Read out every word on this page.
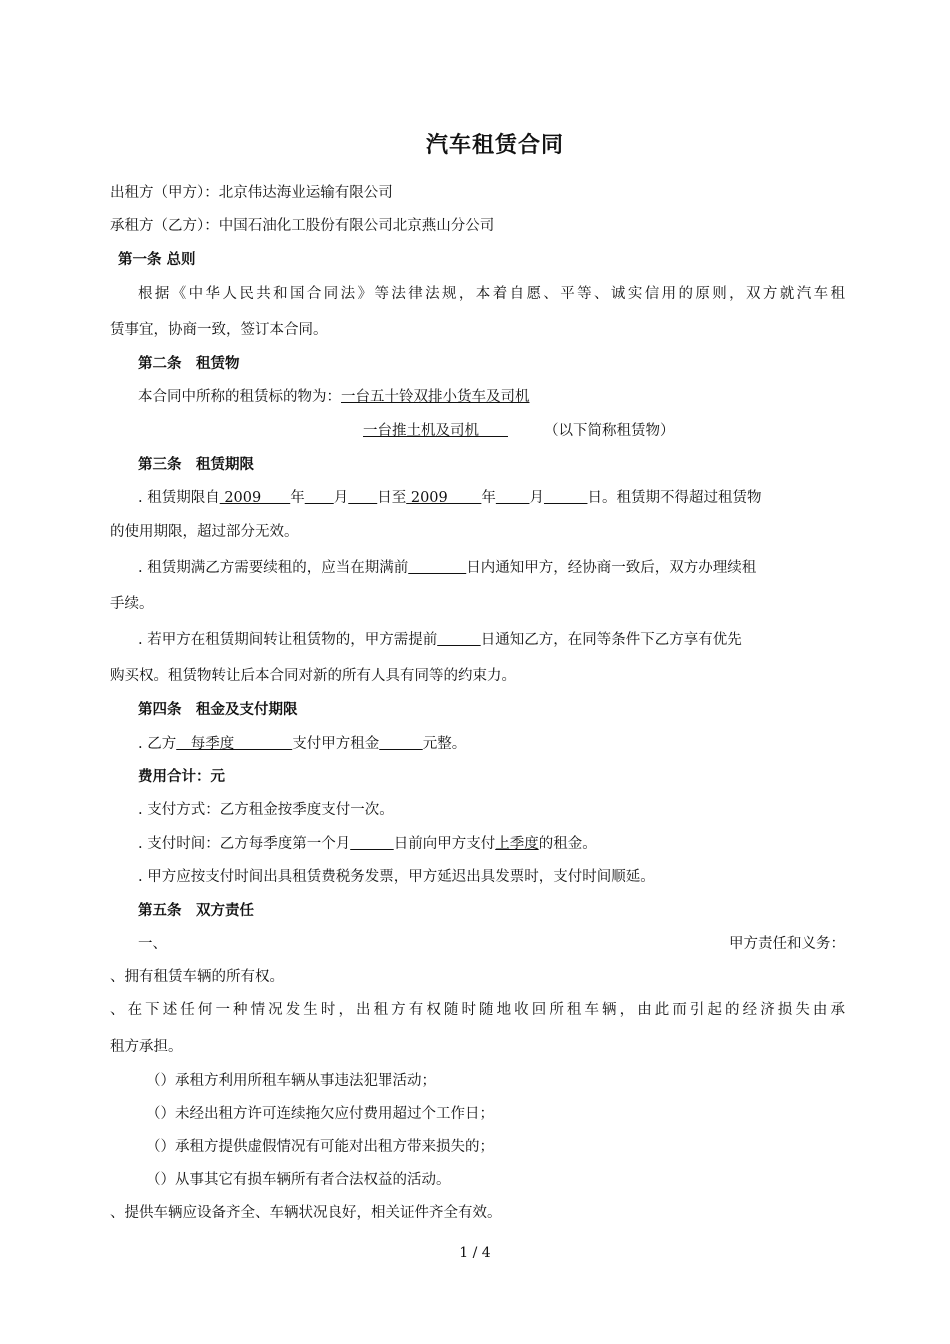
汽车租赁合同
出租方（甲方）：北京伟达海业运输有限公司
承租方（乙方）：中国石油化工股份有限公司北京燕山分公司
第一条 总则
根据《中华人民共和国合同法》等法律法规，本着自愿、平等、诚实信用的原则，双方就汽车租
赁事宜，协商一致，签订本合同。
第二条　租赁物
本合同中所称的租赁标的物为：一台五十铃双排小货车及司机
一台推土机及司机　　	（以下简称租赁物）
第三条　租赁期限
. 租赁期限自 2009　　年　　 月　　 日至 2009　　 年　　 月　　　	日。租赁期不得超过租赁物
的使用期限，超过部分无效。
. 租赁期满乙方需要续租的，应当在期满前　　　　	日内通知甲方，经协商一致后，双方办理续租
手续。
. 若甲方在租赁期间转让租赁物的，甲方需提前　　　	日通知乙方，在同等条件下乙方享有优先
购买权。租赁物转让后本合同对新的所有人具有同等的约束力。
第四条　租金及支付期限
. 乙方　每季度　　　　支付甲方租金　　　	元整。
费用合计：元
. 支付方式：乙方租金按季度支付一次。
. 支付时间：乙方每季度第一个月　　　	日前向甲方支付上季度的租金。
. 甲方应按支付时间出具租赁费税务发票，甲方延迟出具发票时，支付时间顺延。
第五条　双方责任
一、	甲方责任和义务：
、拥有租赁车辆的所有权。
、在下述任何一种情况发生时，出租方有权随时随地收回所租车辆，由此而引起的经济损失由承
租方承担。
（）承租方利用所租车辆从事违法犯罪活动；
（）未经出租方许可连续拖欠应付费用超过个工作日；
（）承租方提供虚假情况有可能对出租方带来损失的；
（）从事其它有损车辆所有者合法权益的活动。
、提供车辆应设备齐全、车辆状况良好，相关证件齐全有效。
1 / 4
